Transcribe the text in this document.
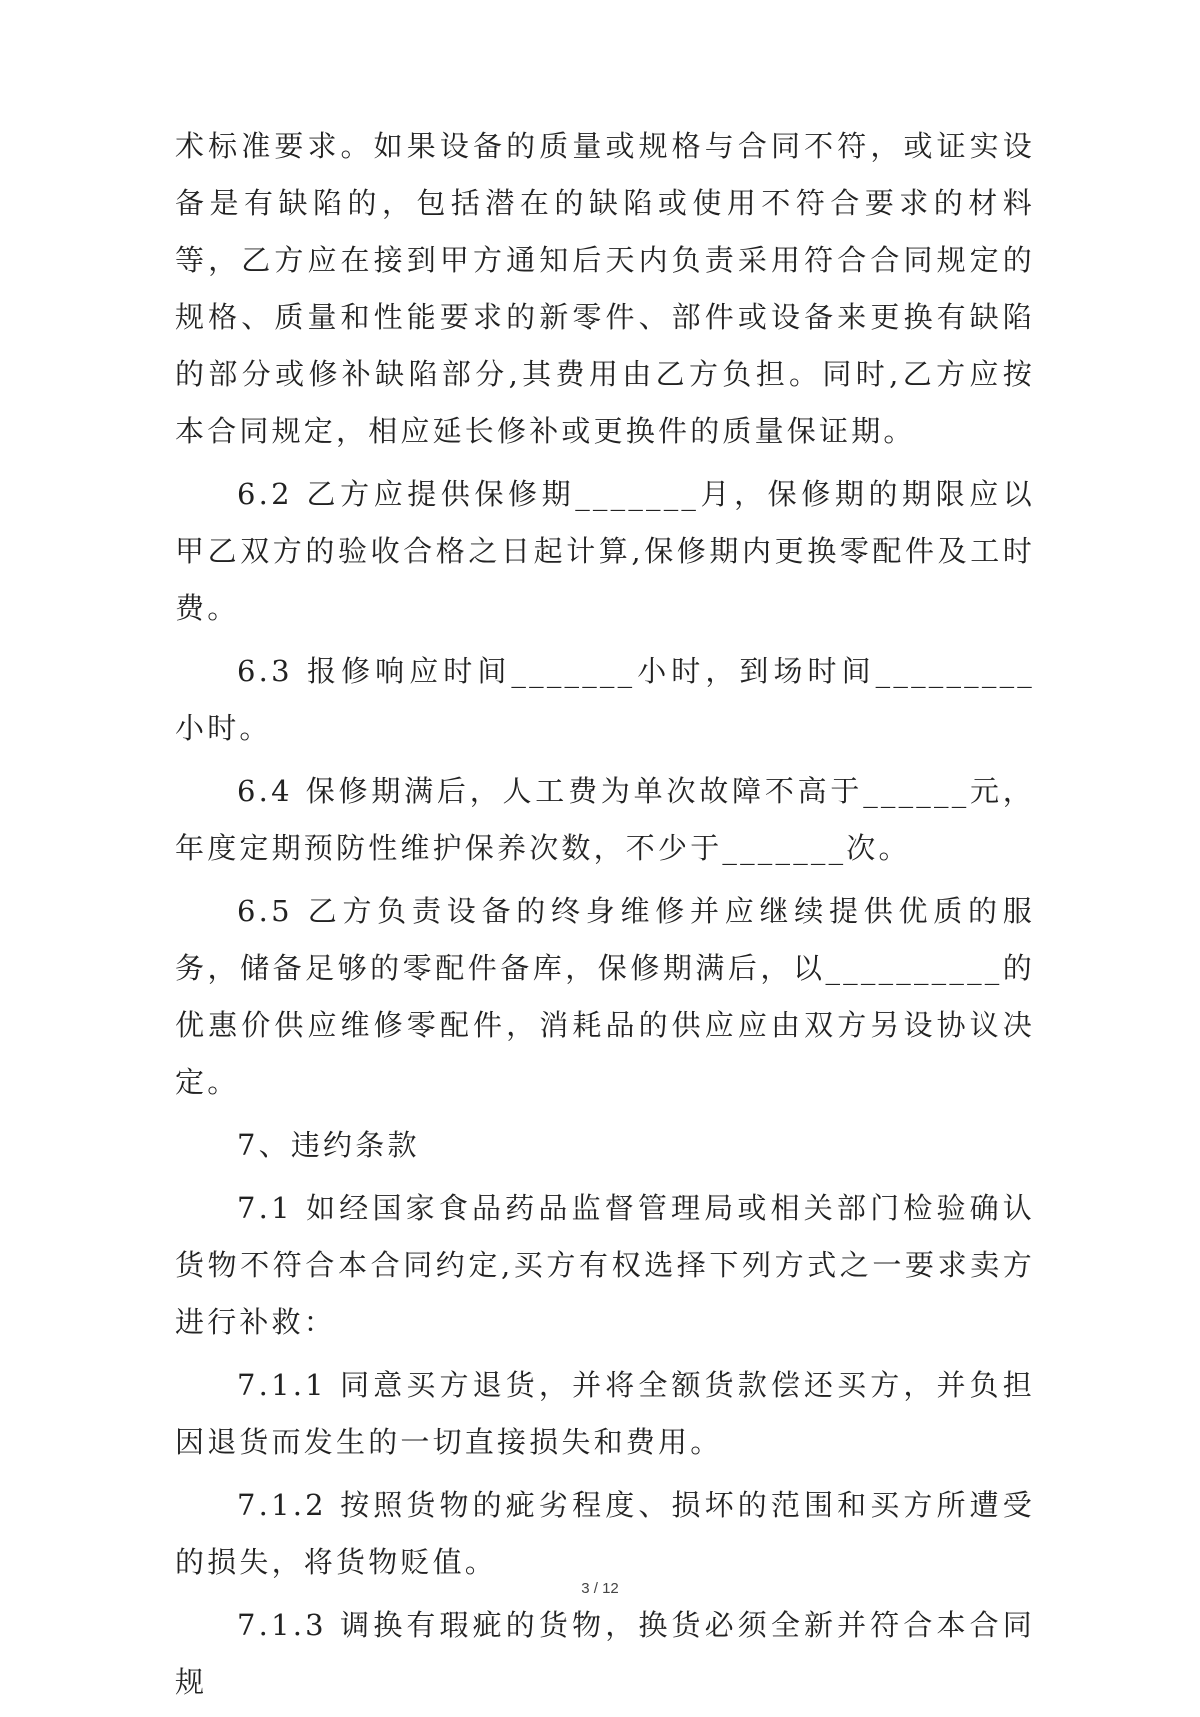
术标准要求。如果设备的质量或规格与合同不符，或证实设备是有缺陷的，包括潜在的缺陷或使用不符合要求的材料等，乙方应在接到甲方通知后天内负责采用符合合同规定的规格、质量和性能要求的新零件、部件或设备来更换有缺陷的部分或修补缺陷部分,其费用由乙方负担。同时,乙方应按本合同规定，相应延长修补或更换件的质量保证期。

6.2 乙方应提供保修期_______月，保修期的期限应以甲乙双方的验收合格之日起计算,保修期内更换零配件及工时费。

6.3 报修响应时间_______小时，到场时间_________小时。

6.4 保修期满后，人工费为单次故障不高于______元，年度定期预防性维护保养次数，不少于_______次。

6.5 乙方负责设备的终身维修并应继续提供优质的服务，储备足够的零配件备库，保修期满后，以__________的优惠价供应维修零配件，消耗品的供应应由双方另设协议决定。

7、违约条款

7.1 如经国家食品药品监督管理局或相关部门检验确认货物不符合本合同约定,买方有权选择下列方式之一要求卖方进行补救：

7.1.1 同意买方退货，并将全额货款偿还买方，并负担因退货而发生的一切直接损失和费用。

7.1.2 按照货物的疵劣程度、损坏的范围和买方所遭受的损失，将货物贬值。

7.1.3 调换有瑕疵的货物，换货必须全新并符合本合同规

3 / 12
